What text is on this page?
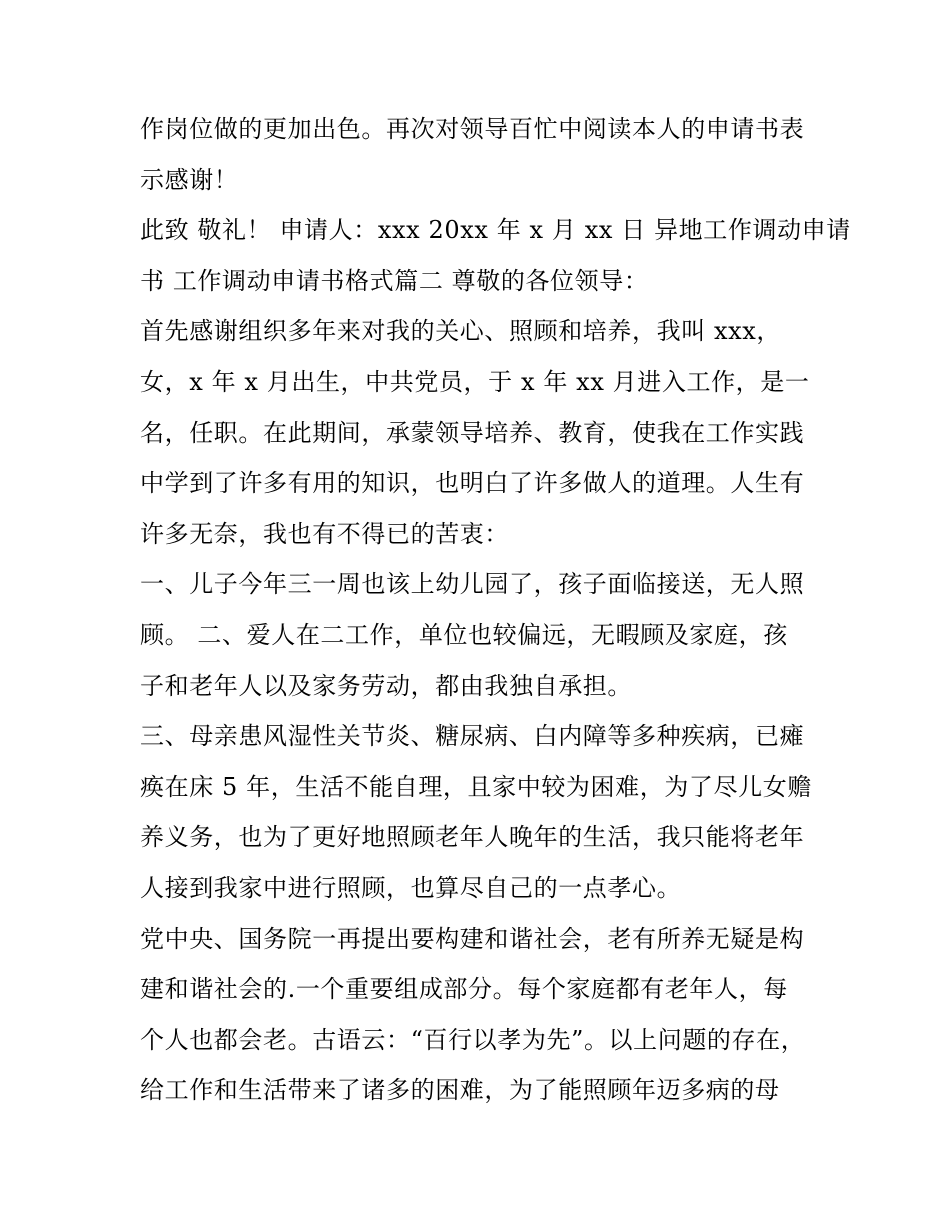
作岗位做的更加出色。再次对领导百忙中阅读本人的申请书表
示感谢！
此致 敬礼！ 申请人：xxx 20xx 年 x 月 xx 日 异地工作调动申请
书 工作调动申请书格式篇二 尊敬的各位领导：
首先感谢组织多年来对我的关心、照顾和培养，我叫 xxx，
女，x 年 x 月出生，中共党员，于 x 年 xx 月进入工作，是一
名，任职。在此期间，承蒙领导培养、教育，使我在工作实践
中学到了许多有用的知识，也明白了许多做人的道理。人生有
许多无奈，我也有不得已的苦衷：
一、儿子今年三一周也该上幼儿园了，孩子面临接送，无人照
顾。 二、爱人在二工作，单位也较偏远，无暇顾及家庭，孩
子和老年人以及家务劳动，都由我独自承担。
三、母亲患风湿性关节炎、糖尿病、白内障等多种疾病，已瘫
痪在床 5 年，生活不能自理，且家中较为困难，为了尽儿女赡
养义务，也为了更好地照顾老年人晚年的生活，我只能将老年
人接到我家中进行照顾，也算尽自己的一点孝心。
党中央、国务院一再提出要构建和谐社会，老有所养无疑是构
建和谐社会的.一个重要组成部分。每个家庭都有老年人，每
个人也都会老。古语云：“百行以孝为先”。以上问题的存在，
给工作和生活带来了诸多的困难，为了能照顾年迈多病的母
